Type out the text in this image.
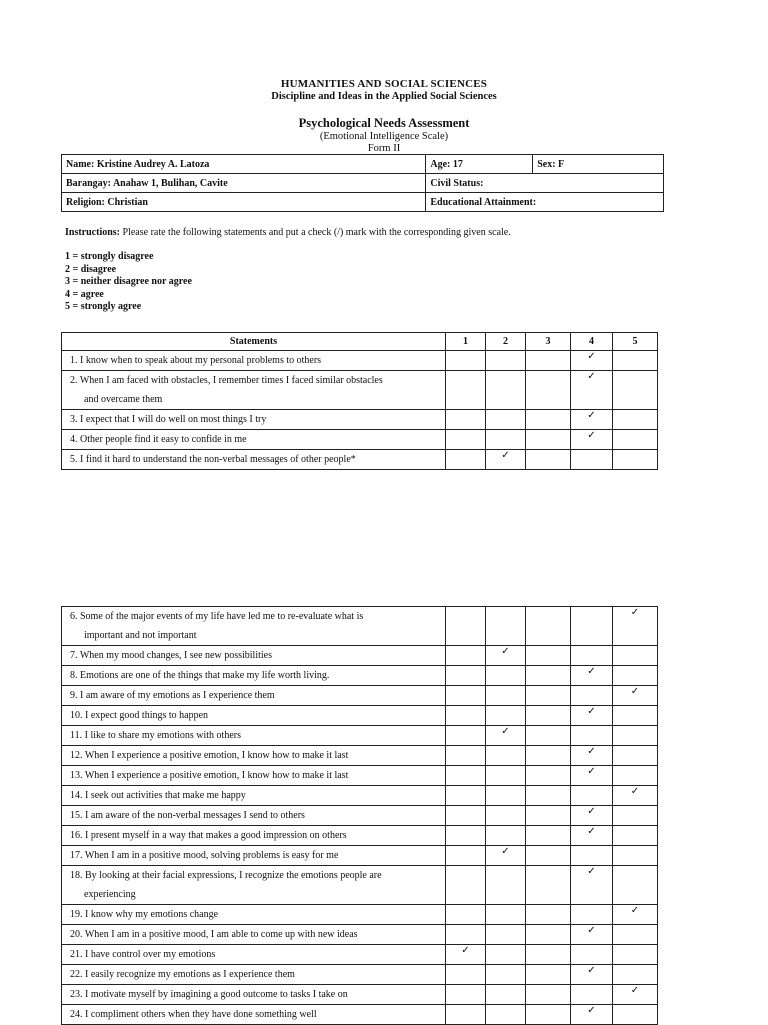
HUMANITIES AND SOCIAL SCIENCES
Discipline and Ideas in the Applied Social Sciences
Psychological Needs Assessment
(Emotional Intelligence Scale)
Form II
Name: Kristine Audrey A. Latoza	Age: 17	Sex: F
Barangay: Anahaw 1, Bulihan, Cavite	Civil Status:	
Religion: Christian	Educational Attainment:	
Instructions: Please rate the following statements and put a check (/) mark with the corresponding given scale.
1 = strongly disagree
2 = disagree
3 = neither disagree nor agree
4 = agree
5 = strongly agree
Statements	1	2	3	4	5

1. I know when to speak about my personal problems to others				✓	

2. When I am faced with obstacles, I remember times I faced similar obstacles
and overcame them				✓	

3. I expect that I will do well on most things I try				✓	

4. Other people find it easy to confide in me				✓	

5. I find it hard to understand the non-verbal messages of other people*		✓			
6. Some of the major events of my life have led me to re-evaluate what is
important and not important					✓

7. When my mood changes, I see new possibilities		✓			

8. Emotions are one of the things that make my life worth living.				✓	

9. I am aware of my emotions as I experience them					✓

10. I expect good things to happen				✓	

11. I like to share my emotions with others		✓			

12. When I experience a positive emotion, I know how to make it last				✓	

13. When I experience a positive emotion, I know how to make it last				✓	

14. I seek out activities that make me happy					✓

15. I am aware of the non-verbal messages I send to others				✓	

16. I present myself in a way that makes a good impression on others				✓	

17. When I am in a positive mood, solving problems is easy for me		✓			

18. By looking at their facial expressions, I recognize the emotions people are
experiencing				✓	

19. I know why my emotions change					✓

20. When I am in a positive mood, I am able to come up with new ideas				✓	

21. I have control over my emotions	✓				

22. I easily recognize my emotions as I experience them				✓	

23. I motivate myself by imagining a good outcome to tasks I take on					✓

24. I compliment others when they have done something well				✓	
